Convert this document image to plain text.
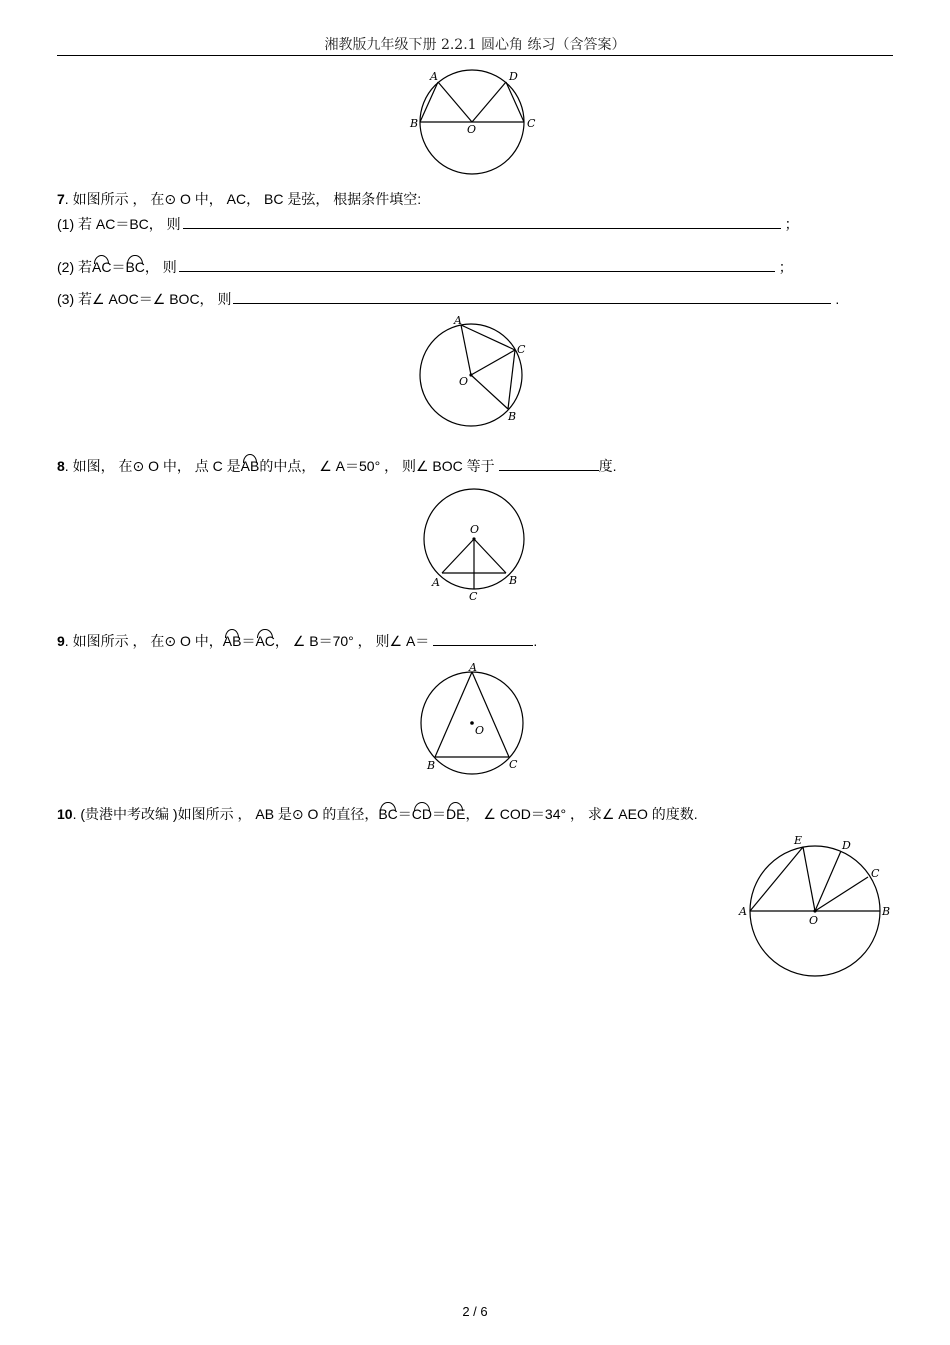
湘教版九年级下册 2.2.1 圆心角 练习（含答案）
A	D
B	O	C
7. 如图所示 ， 在⊙ O 中， AC， BC 是弦， 根据条件填空:
(1) 若 AC＝BC， 则	；
(2) 若AC＝BC， 则	；
(3) 若∠ AOC＝∠ BOC， 则	.
A
C
O
B
8. 如图， 在⊙ O 中， 点 C 是AB的中点， ∠ A＝50° ， 则∠ BOC 等于	度.
O
A	B
C
9. 如图所示 ， 在⊙ O 中，AB＝AC， ∠ B＝70° ， 则∠ A＝	.
A
O
B	C
10. (贵港中考改编 )如图所示 ， AB 是⊙ O 的直径，BC＝CD＝DE， ∠ COD＝34° ， 求∠ AEO 的度数.
E	D
C
A
O
B
2 / 6
